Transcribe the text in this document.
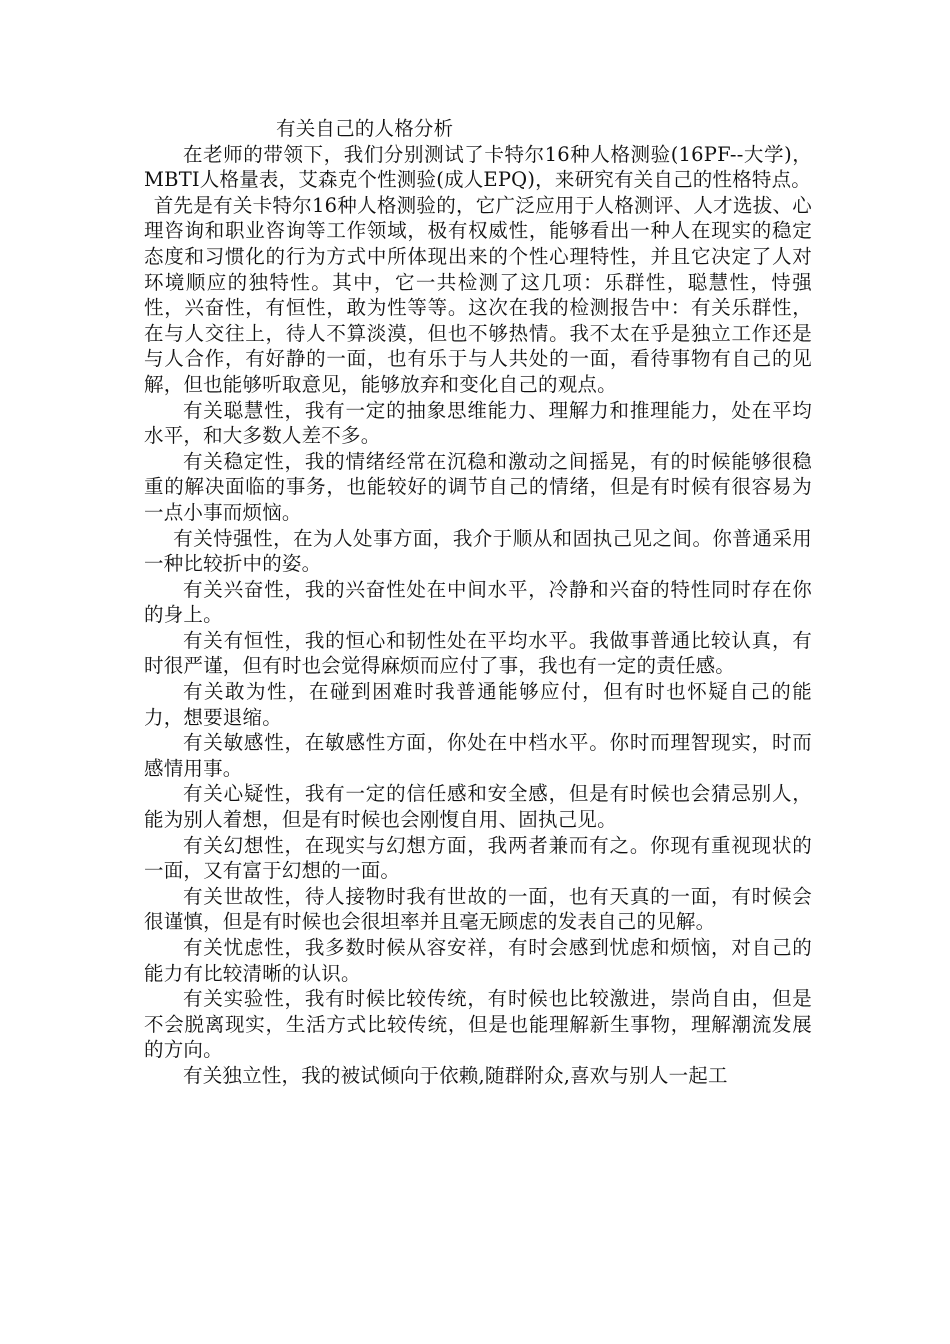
有关自己的人格分析

在老师的带领下，我们分别测试了卡特尔16种人格测验(16PF--大学)，MBTI人格量表，艾森克个性测验(成人EPQ)，来研究有关自己的性格特点。

首先是有关卡特尔16种人格测验的，它广泛应用于人格测评、人才选拔、心理咨询和职业咨询等工作领域，极有权威性，能够看出一种人在现实的稳定态度和习惯化的行为方式中所体现出来的个性心理特性，并且它决定了人对环境顺应的独特性。其中，它一共检测了这几项：乐群性，聪慧性，恃强性，兴奋性，有恒性，敢为性等等。这次在我的检测报告中：有关乐群性，在与人交往上，待人不算淡漠，但也不够热情。我不太在乎是独立工作还是与人合作，有好静的一面，也有乐于与人共处的一面，看待事物有自己的见解，但也能够听取意见，能够放弃和变化自己的观点。

有关聪慧性，我有一定的抽象思维能力、理解力和推理能力，处在平均水平，和大多数人差不多。

有关稳定性，我的情绪经常在沉稳和激动之间摇晃，有的时候能够很稳重的解决面临的事务，也能较好的调节自己的情绪，但是有时候有很容易为一点小事而烦恼。

有关恃强性，在为人处事方面，我介于顺从和固执己见之间。你普通采用一种比较折中的姿。

有关兴奋性，我的兴奋性处在中间水平，冷静和兴奋的特性同时存在你的身上。

有关有恒性，我的恒心和韧性处在平均水平。我做事普通比较认真，有时很严谨，但有时也会觉得麻烦而应付了事，我也有一定的责任感。

有关敢为性，在碰到困难时我普通能够应付，但有时也怀疑自己的能力，想要退缩。

有关敏感性，在敏感性方面，你处在中档水平。你时而理智现实，时而感情用事。

有关心疑性，我有一定的信任感和安全感，但是有时候也会猜忌别人，能为别人着想，但是有时候也会刚愎自用、固执己见。

有关幻想性，在现实与幻想方面，我两者兼而有之。你现有重视现状的一面，又有富于幻想的一面。

有关世故性，待人接物时我有世故的一面，也有天真的一面，有时候会很谨慎，但是有时候也会很坦率并且毫无顾虑的发表自己的见解。

有关忧虑性，我多数时候从容安祥，有时会感到忧虑和烦恼，对自己的能力有比较清晰的认识。

有关实验性，我有时候比较传统，有时候也比较激进，崇尚自由，但是不会脱离现实，生活方式比较传统，但是也能理解新生事物，理解潮流发展的方向。

有关独立性，我的被试倾向于依赖,随群附众,喜欢与别人一起工
